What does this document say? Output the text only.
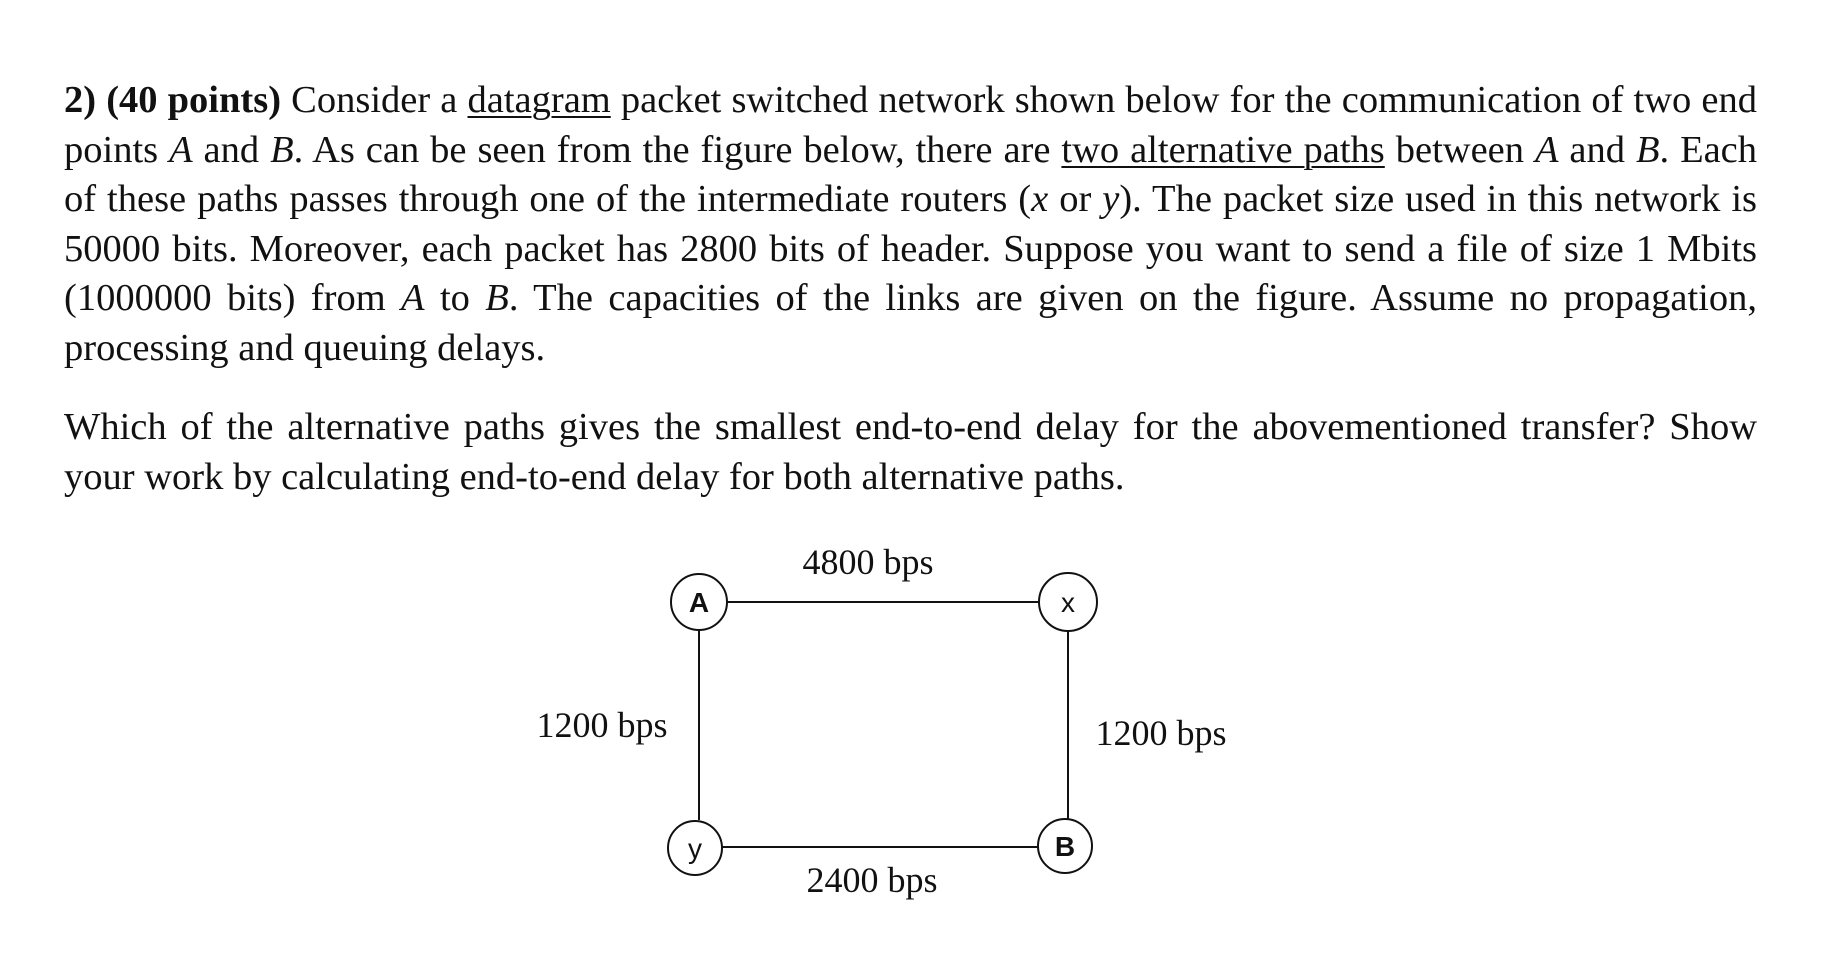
2) (40 points) Consider a datagram packet switched network shown below for the communication of two end points A and B. As can be seen from the figure below, there are two alternative paths between A and B. Each of these paths passes through one of the intermediate routers (x or y). The packet size used in this network is 50000 bits. Moreover, each packet has 2800 bits of header. Suppose you want to send a file of size 1 Mbits (1000000 bits) from A to B. The capacities of the links are given on the figure. Assume no propagation, processing and queuing delays.

Which of the alternative paths gives the smallest end-to-end delay for the abovementioned transfer? Show your work by calculating end-to-end delay for both alternative paths.

A	x
y	B
4800 bps
1200 bps	1200 bps
2400 bps
